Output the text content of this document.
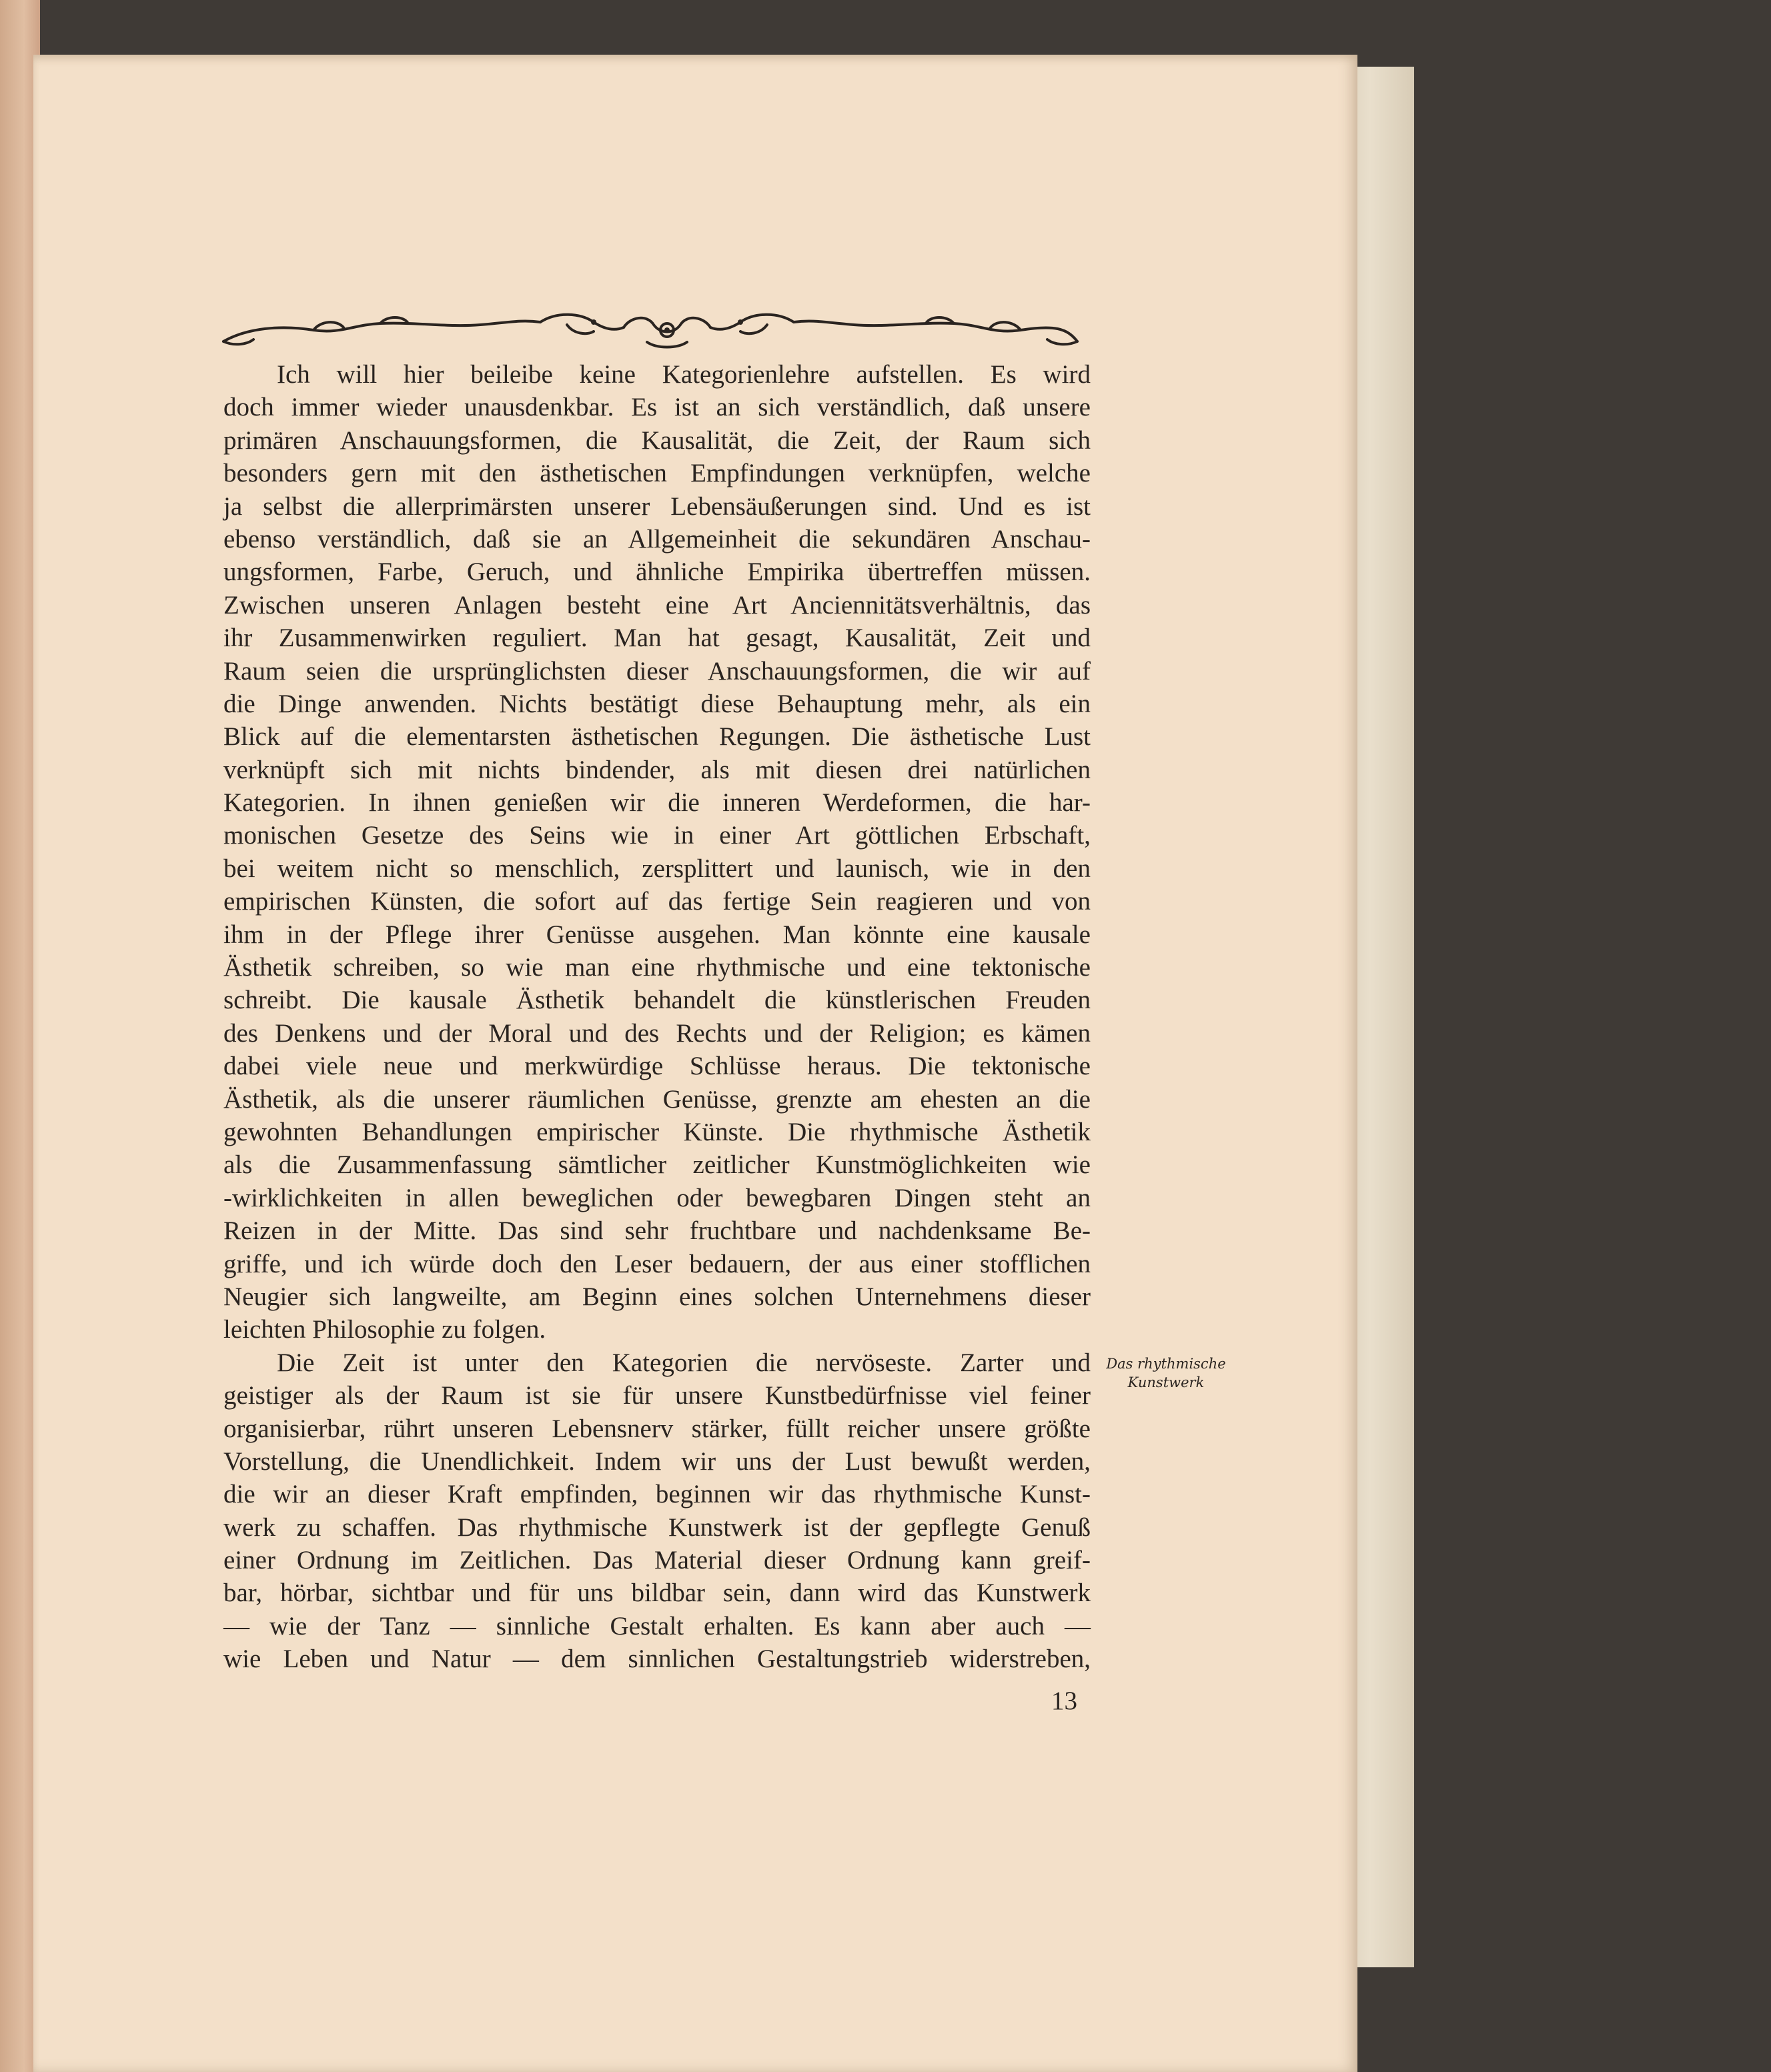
Ich will hier beileibe keine Kategorienlehre aufstellen. Es wird
doch immer wieder unausdenkbar. Es ist an sich verständlich, daß unsere
primären Anschauungsformen, die Kausalität, die Zeit, der Raum sich
besonders gern mit den ästhetischen Empfindungen verknüpfen, welche
ja selbst die allerprimärsten unserer Lebensäußerungen sind. Und es ist
ebenso verständlich, daß sie an Allgemeinheit die sekundären Anschau-
ungsformen, Farbe, Geruch, und ähnliche Empirika übertreffen müssen.
Zwischen unseren Anlagen besteht eine Art Anciennitätsverhältnis, das
ihr Zusammenwirken reguliert. Man hat gesagt, Kausalität, Zeit und
Raum seien die ursprünglichsten dieser Anschauungsformen, die wir auf
die Dinge anwenden. Nichts bestätigt diese Behauptung mehr, als ein
Blick auf die elementarsten ästhetischen Regungen. Die ästhetische Lust
verknüpft sich mit nichts bindender, als mit diesen drei natürlichen
Kategorien. In ihnen genießen wir die inneren Werdeformen, die har-
monischen Gesetze des Seins wie in einer Art göttlichen Erbschaft,
bei weitem nicht so menschlich, zersplittert und launisch, wie in den
empirischen Künsten, die sofort auf das fertige Sein reagieren und von
ihm in der Pflege ihrer Genüsse ausgehen. Man könnte eine kausale
Ästhetik schreiben, so wie man eine rhythmische und eine tektonische
schreibt. Die kausale Ästhetik behandelt die künstlerischen Freuden
des Denkens und der Moral und des Rechts und der Religion; es kämen
dabei viele neue und merkwürdige Schlüsse heraus. Die tektonische
Ästhetik, als die unserer räumlichen Genüsse, grenzte am ehesten an die
gewohnten Behandlungen empirischer Künste. Die rhythmische Ästhetik
als die Zusammenfassung sämtlicher zeitlicher Kunstmöglichkeiten wie
-wirklichkeiten in allen beweglichen oder bewegbaren Dingen steht an
Reizen in der Mitte. Das sind sehr fruchtbare und nachdenksame Be-
griffe, und ich würde doch den Leser bedauern, der aus einer stofflichen
Neugier sich langweilte, am Beginn eines solchen Unternehmens dieser
leichten Philosophie zu folgen.
Die Zeit ist unter den Kategorien die nervöseste. Zarter und
geistiger als der Raum ist sie für unsere Kunstbedürfnisse viel feiner
organisierbar, rührt unseren Lebensnerv stärker, füllt reicher unsere größte
Vorstellung, die Unendlichkeit. Indem wir uns der Lust bewußt werden,
die wir an dieser Kraft empfinden, beginnen wir das rhythmische Kunst-
werk zu schaffen. Das rhythmische Kunstwerk ist der gepflegte Genuß
einer Ordnung im Zeitlichen. Das Material dieser Ordnung kann greif-
bar, hörbar, sichtbar und für uns bildbar sein, dann wird das Kunstwerk
— wie der Tanz — sinnliche Gestalt erhalten. Es kann aber auch —
wie Leben und Natur — dem sinnlichen Gestaltungstrieb widerstreben,
Das rhythmische
Kunstwerk
13
